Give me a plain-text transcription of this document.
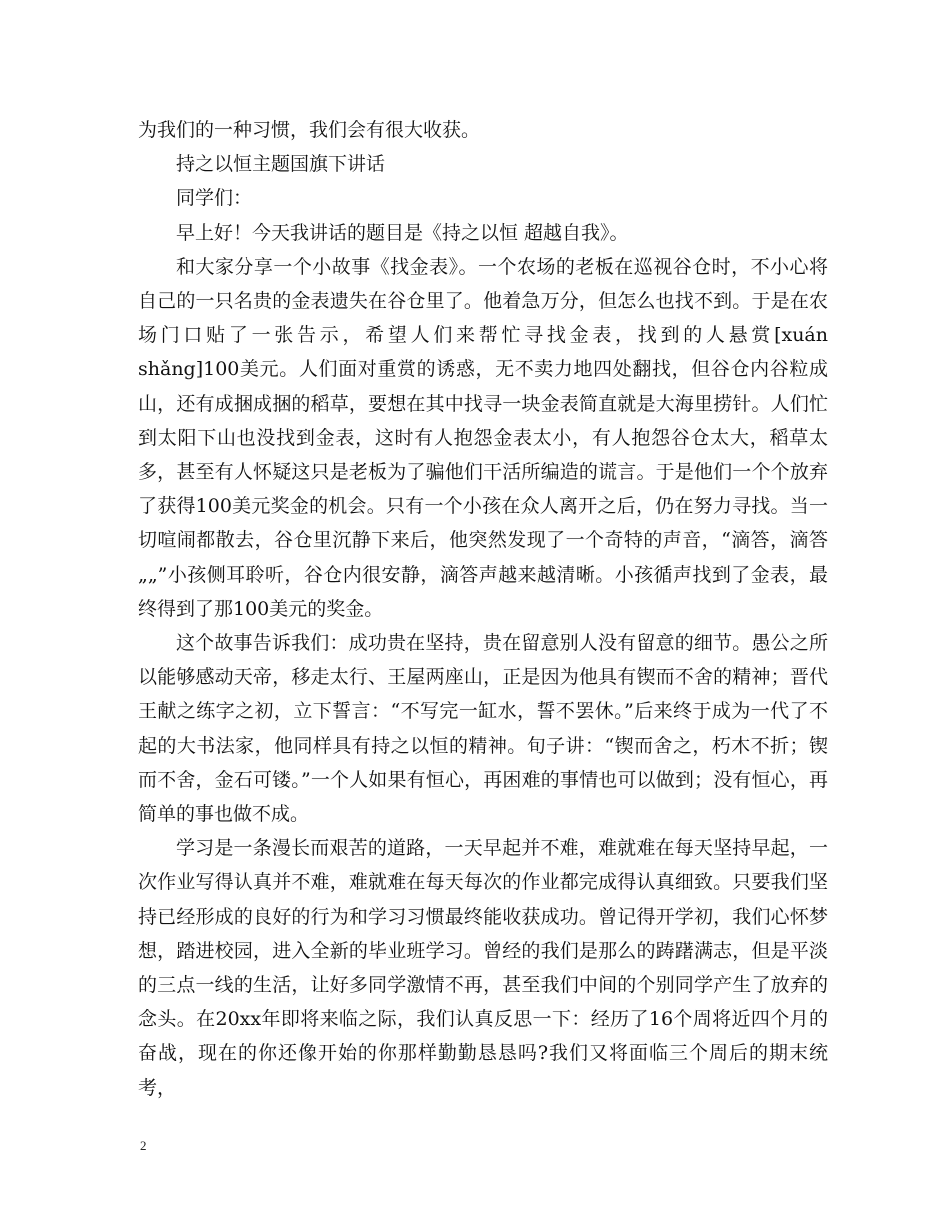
为我们的一种习惯，我们会有很大收获。

持之以恒主题国旗下讲话

同学们：

早上好！今天我讲话的题目是《持之以恒 超越自我》。

和大家分享一个小故事《找金表》。一个农场的老板在巡视谷仓时，不小心将自己的一只名贵的金表遗失在谷仓里了。他着急万分，但怎么也找不到。于是在农场门口贴了一张告示，希望人们来帮忙寻找金表，找到的人悬赏[xuán shǎng]100美元。人们面对重赏的诱惑，无不卖力地四处翻找，但谷仓内谷粒成山，还有成捆成捆的稻草，要想在其中找寻一块金表简直就是大海里捞针。人们忙到太阳下山也没找到金表，这时有人抱怨金表太小，有人抱怨谷仓太大，稻草太多，甚至有人怀疑这只是老板为了骗他们干活所编造的谎言。于是他们一个个放弃了获得100美元奖金的机会。只有一个小孩在众人离开之后，仍在努力寻找。当一切喧闹都散去，谷仓里沉静下来后，他突然发现了一个奇特的声音，“滴答，滴答„„”小孩侧耳聆听，谷仓内很安静，滴答声越来越清晰。小孩循声找到了金表，最终得到了那100美元的奖金。

这个故事告诉我们：成功贵在坚持，贵在留意别人没有留意的细节。愚公之所以能够感动天帝，移走太行、王屋两座山，正是因为他具有锲而不舍的精神；晋代王献之练字之初，立下誓言：“不写完一缸水，誓不罢休。”后来终于成为一代了不起的大书法家，他同样具有持之以恒的精神。旬子讲：“锲而舍之，朽木不折；锲而不舍，金石可镂。”一个人如果有恒心，再困难的事情也可以做到；没有恒心，再简单的事也做不成。

学习是一条漫长而艰苦的道路，一天早起并不难，难就难在每天坚持早起，一次作业写得认真并不难，难就难在每天每次的作业都完成得认真细致。只要我们坚持已经形成的良好的行为和学习习惯最终能收获成功。曾记得开学初，我们心怀梦想，踏进校园，进入全新的毕业班学习。曾经的我们是那么的踌躇满志，但是平淡的三点一线的生活，让好多同学激情不再，甚至我们中间的个别同学产生了放弃的念头。在20xx年即将来临之际，我们认真反思一下：经历了16个周将近四个月的奋战，现在的你还像开始的你那样勤勤恳恳吗?我们又将面临三个周后的期末统考，

2
